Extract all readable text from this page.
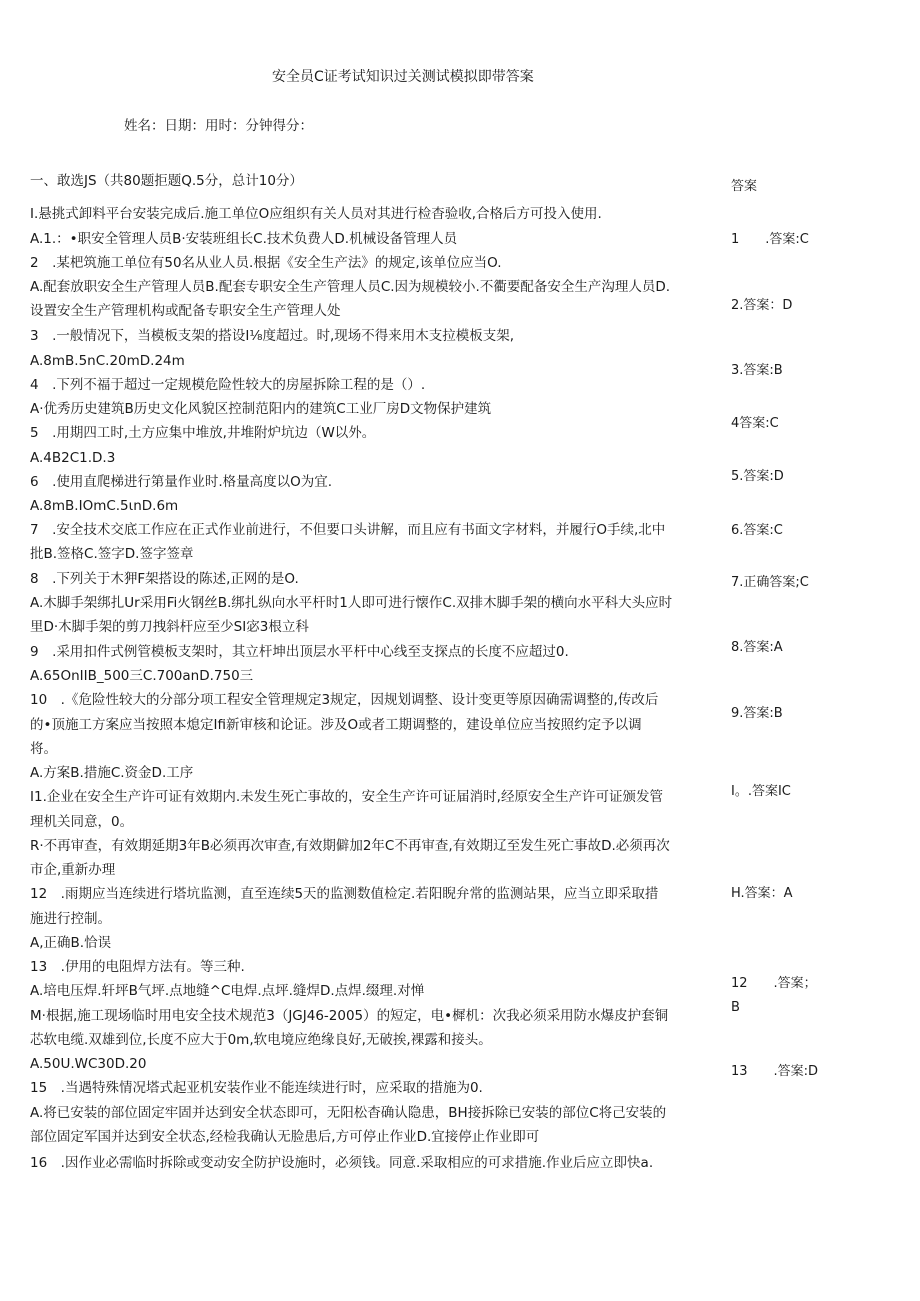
安全员C证考试知识过关测试模拟即带答案
姓名：日期：用时：分钟得分：
一、敢选JS（共80题拒题Q.5分，总计10分）	答案
I.悬挑式卸料平台安装完成后.施工单位O应组织有关人员对其进行检杳验收,合格后方可投入使用.
A.1.：•职安全管理人员B·安装班组长C.技术负费人D.机械设备管理人员
2　.某杷筑施工单位有50名从业人员.根据《安全生产法》的规定,该单位应当O.
A.配套放职安全生产管理人员B.配套专职安全生产管理人员C.因为规模较小.不衢要配备安全生产沟理人员D.
设置安全生产管理机构或配备专职安全生产管理人处
3　.一般情况下，当模板支架的搭设I⅛度超过。时,现场不得来用木支拉模板支架,
A.8mB.5nC.20mD.24m
4　.下列不福于超过一定规模危险性较大的房屋拆除工程的是（）.
A·优秀历史建筑B历史文化风貌区控制范阳内的建筑C工业厂房D文物保护建筑
5　.用期四工时,土方应集中堆放,井堆附炉坑边（W以外。
A.4B2C1.D.3
6　.使用直爬梯进行第量作业时.格量高度以O为宜.
A.8mB.IOmC.5ιnD.6m
7　.安全技术交底工作应在正式作业前进行，不但要口头讲解，而且应有书面文字材料，并履行O手续,北中
批B.签格C.签字D.签字签章
8　.下列关于木狎F架搭设的陈述,正网的是O.
A.木脚手架绑扎Ur采用Fi火钢丝B.绑扎纵向水平杆时1人即可进行懐作C.双排木脚手架的横向水平科大头应时
里D·木脚手架的剪刀拽斜杆应至少SI宓3根立科
9　.采用扣件式例管模板支架时，其立杆坤出顶层水平杆中心线至支探点的长度不应超过0.
A.65OnIIB_500三C.700anD.750三
10　.《危险性较大的分部分项工程安全管理规定3规定，因规划调整、设计变更等原因确需调整的,传改后
的•顶施工方案应当按照本熄定Ifi新审核和论证。涉及O或者工期调整的，建设单位应当按照约定予以调
将。
A.方案B.措施C.资金D.工序
I1.企业在安全生产许可证有效期内.未发生死亡事故的，安全生产许可证届消时,经原安全生产许可证颁发管
理机关同意，0。
R·不再审查，有效期延期3年B必须再次审查,有效期僻加2年C不再审查,有效期辽至发生死亡事故D.必须再次
市企,重新办理
12　.雨期应当连续进行塔坑监测，直至连续5天的监测数值检定.若阳睨弁常的监测站果，应当立即采取措
施进行控制。
A,正确B.恰误
13　.伊用的电阻焊方法有。等三种.
A.培电压焊.轩坪B气坪.点地缝^C电焊.点坪.缝焊D.点焊.缀理.对惮
M·根据,施工现场临时用电安全技术规范3（JGJ46-2005）的短定，电•樨机：次我必须采用防水爆皮护套铜
芯软电缆.双雄到位,长度不应大于0m,软电境应绝缘良好,无破挨,裸露和接头。
A.50U.WC30D.20
15　.当遇特殊情况塔式起亚机安装作业不能连续进行时，应采取的措施为0.
A.将已安装的部位固定牢固并达到安全状态即可，无阳松杳确认隐患，BH接拆除已安装的部位C将己安装的
部位固定军国并达到安全状态,经检我确认无脸患后,方可停止作业D.宜接停止作业即可
16　.因作业必需临时拆除或变动安全防护设施时，必须钱。同意.采取相应的可求措施.作业后应立即快a.
1　　.答案:C
2.答案：D
3.答案:B
4答案:C
5.答案:D
6.答案:C
7.正确答案;C
8.答案:A
9.答案:B
I。.答案IC
H.答案：A
12　　.答案；
B
13　　.答案:D
